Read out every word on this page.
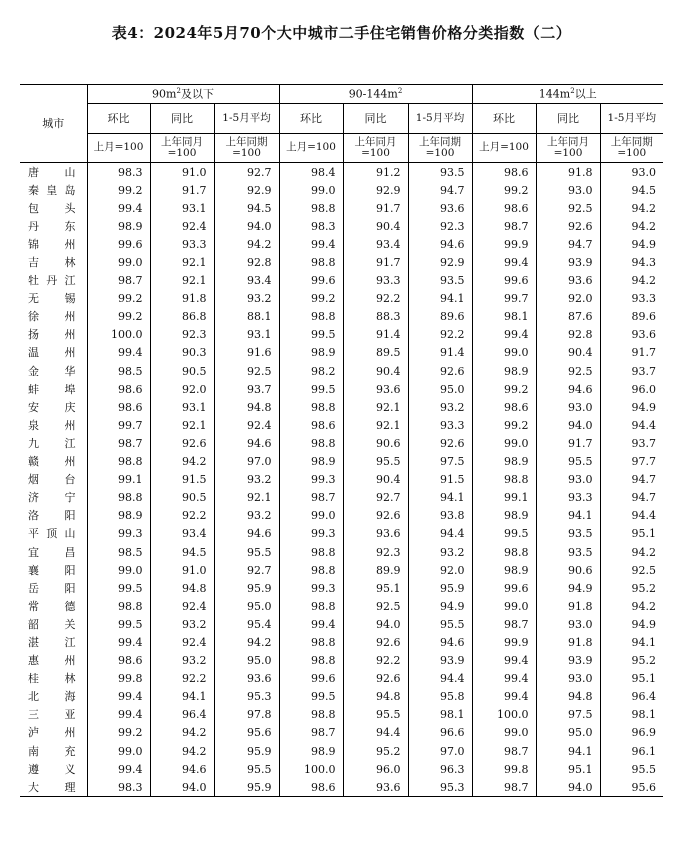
表4：2024年5月70个大中城市二手住宅销售价格分类指数（二）
城市	$90m^2$及以下			$90-144m^2$			$144m^2$以上		
	环比	同比	1-5月平均	环比	同比	1-5月平均	环比	同比	1-5月平均
	上月=100	上年同月=100	上年同期=100	上月=100	上年同月=100	上年同期=100	上月=100	上年同月=100	上年同期=100
唐山	98.3	91.0	92.7	98.4	91.2	93.5	98.6	91.8	93.0
秦皇岛	99.2	91.7	92.9	99.0	92.9	94.7	99.2	93.0	94.5
包头	99.4	93.1	94.5	98.8	91.7	93.6	98.6	92.5	94.2
丹东	98.9	92.4	94.0	98.3	90.4	92.3	98.7	92.6	94.2
锦州	99.6	93.3	94.2	99.4	93.4	94.6	99.9	94.7	94.9
吉林	99.0	92.1	92.8	98.8	91.7	92.9	99.4	93.9	94.3
牡丹江	98.7	92.1	93.4	99.6	93.3	93.5	99.6	93.6	94.2
无锡	99.2	91.8	93.2	99.2	92.2	94.1	99.7	92.0	93.3
徐州	99.2	86.8	88.1	98.8	88.3	89.6	98.1	87.6	89.6
扬州	100.0	92.3	93.1	99.5	91.4	92.2	99.4	92.8	93.6
温州	99.4	90.3	91.6	98.9	89.5	91.4	99.0	90.4	91.7
金华	98.5	90.5	92.5	98.2	90.4	92.6	98.9	92.5	93.7
蚌埠	98.6	92.0	93.7	99.5	93.6	95.0	99.2	94.6	96.0
安庆	98.6	93.1	94.8	98.8	92.1	93.2	98.6	93.0	94.9
泉州	99.7	92.1	92.4	98.6	92.1	93.3	99.2	94.0	94.4
九江	98.7	92.6	94.6	98.8	90.6	92.6	99.0	91.7	93.7
赣州	98.8	94.2	97.0	98.9	95.5	97.5	98.9	95.5	97.7
烟台	99.1	91.5	93.2	99.3	90.4	91.5	98.8	93.0	94.7
济宁	98.8	90.5	92.1	98.7	92.7	94.1	99.1	93.3	94.7
洛阳	98.9	92.2	93.2	99.0	92.6	93.8	98.9	94.1	94.4
平顶山	99.3	93.4	94.6	99.3	93.6	94.4	99.5	93.5	95.1
宜昌	98.5	94.5	95.5	98.8	92.3	93.2	98.8	93.5	94.2
襄阳	99.0	91.0	92.7	98.8	89.9	92.0	98.9	90.6	92.5
岳阳	99.5	94.8	95.9	99.3	95.1	95.9	99.6	94.9	95.2
常德	98.8	92.4	95.0	98.8	92.5	94.9	99.0	91.8	94.2
韶关	99.5	93.2	95.4	99.4	94.0	95.5	98.7	93.0	94.9
湛江	99.4	92.4	94.2	98.8	92.6	94.6	99.9	91.8	94.1
惠州	98.6	93.2	95.0	98.8	92.2	93.9	99.4	93.9	95.2
桂林	99.8	92.2	93.6	99.6	92.6	94.4	99.4	93.0	95.1
北海	99.4	94.1	95.3	99.5	94.8	95.8	99.4	94.8	96.4
三亚	99.4	96.4	97.8	98.8	95.5	98.1	100.0	97.5	98.1
泸州	99.2	94.2	95.6	98.7	94.4	96.6	99.0	95.0	96.9
南充	99.0	94.2	95.9	98.9	95.2	97.0	98.7	94.1	96.1
遵义	99.4	94.6	95.5	100.0	96.0	96.3	99.8	95.1	95.5
大理	98.3	94.0	95.9	98.6	93.6	95.3	98.7	94.0	95.6
